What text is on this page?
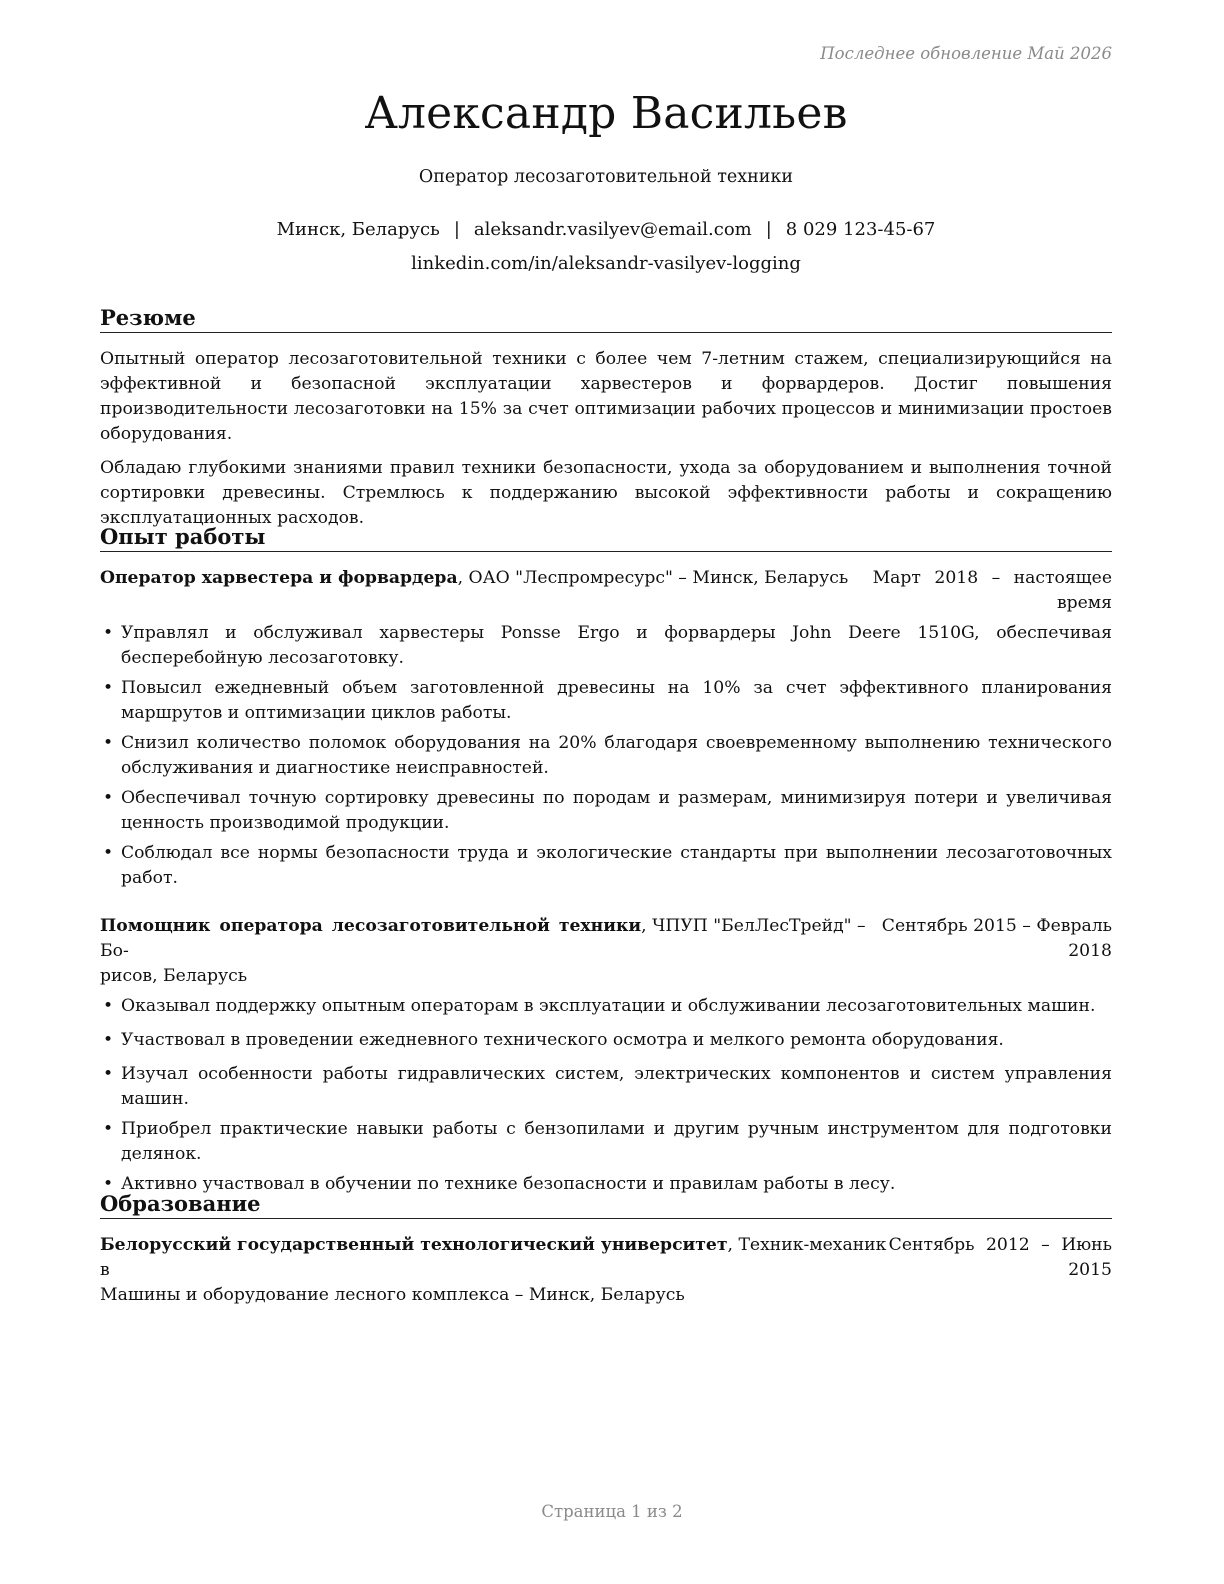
Последнее обновление Май 2026
Александр Васильев
Оператор лесозаготовительной техники
Минск, Беларусь | aleksandr.vasilyev@email.com | 8 029 123-45-67
linkedin.com/in/aleksandr-vasilyev-logging
Резюме

Опытный оператор лесозаготовительной техники с более чем 7-летним стажем, специализирующийся на эффективной и безопасной эксплуатации харвестеров и форвардеров. Достиг повышения производительности лесозаготовки на 15% за счет оптимизации рабочих процессов и минимизации простоев оборудования.

Обладаю глубокими знаниями правил техники безопасности, ухода за оборудованием и выполнения точной сортировки древесины. Стремлюсь к поддержанию высокой эффективности работы и сокращению эксплуатационных расходов.

Опыт работы
Оператор харвестера и форвардера, ОАО "Леспромресурс" – Минск, Беларусь	Март 2018 – настоящее
время
• Управлял и обслуживал харвестеры Ponsse Ergo и форвардеры John Deere 1510G, обеспечивая бесперебойную лесозаготовку.
• Повысил ежедневный объем заготовленной древесины на 10% за счет эффективного планирования маршрутов и оптимизации циклов работы.
• Снизил количество поломок оборудования на 20% благодаря своевременному выполнению технического обслуживания и диагностике неисправностей.
• Обеспечивал точную сортировку древесины по породам и размерам, минимизируя потери и увеличивая ценность производимой продукции.
• Соблюдал все нормы безопасности труда и экологические стандарты при выполнении лесозаготовочных работ.
Помощник оператора лесозаготовительной техники, ЧПУП "БелЛесТрейд" – Бо-
рисов, Беларусь
Сентябрь 2015 – Февраль
2018
• Оказывал поддержку опытным операторам в эксплуатации и обслуживании лесозаготовительных машин.
• Участвовал в проведении ежедневного технического осмотра и мелкого ремонта оборудования.
• Изучал особенности работы гидравлических систем, электрических компонентов и систем управления машин.
• Приобрел практические навыки работы с бензопилами и другим ручным инструментом для подготовки делянок.
• Активно участвовал в обучении по технике безопасности и правилам работы в лесу.
Образование
Белорусский государственный технологический университет, Техник-механик в
Машины и оборудование лесного комплекса – Минск, Беларусь
Сентябрь 2012 – Июнь
2015
Страница 1 из 2
